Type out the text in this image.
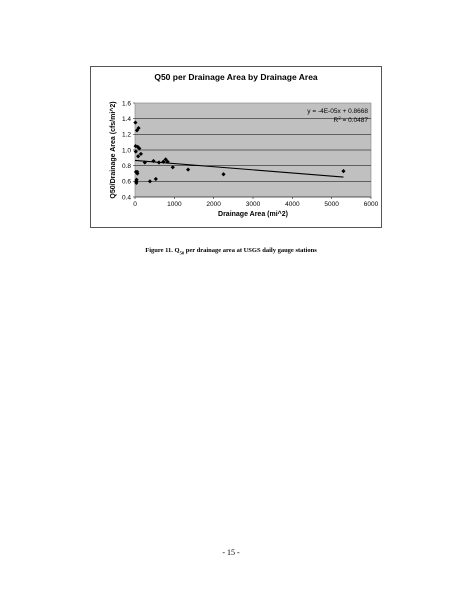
0.4
0.6
0.8
1.0
1.2
1.4
1.6
0	1000	2000	3000	4000	5000	6000
Drainage Area (mi^2)
Q50/Drainage Area (cfs/mi^2)	y = -4E-05x + 0.8668
$R^2 = 0.0487$
Q50 per Drainage Area by Drainage Area
Figure 11. $Q_{50}$ per drainage area at USGS daily gauge stations
- 15 -
